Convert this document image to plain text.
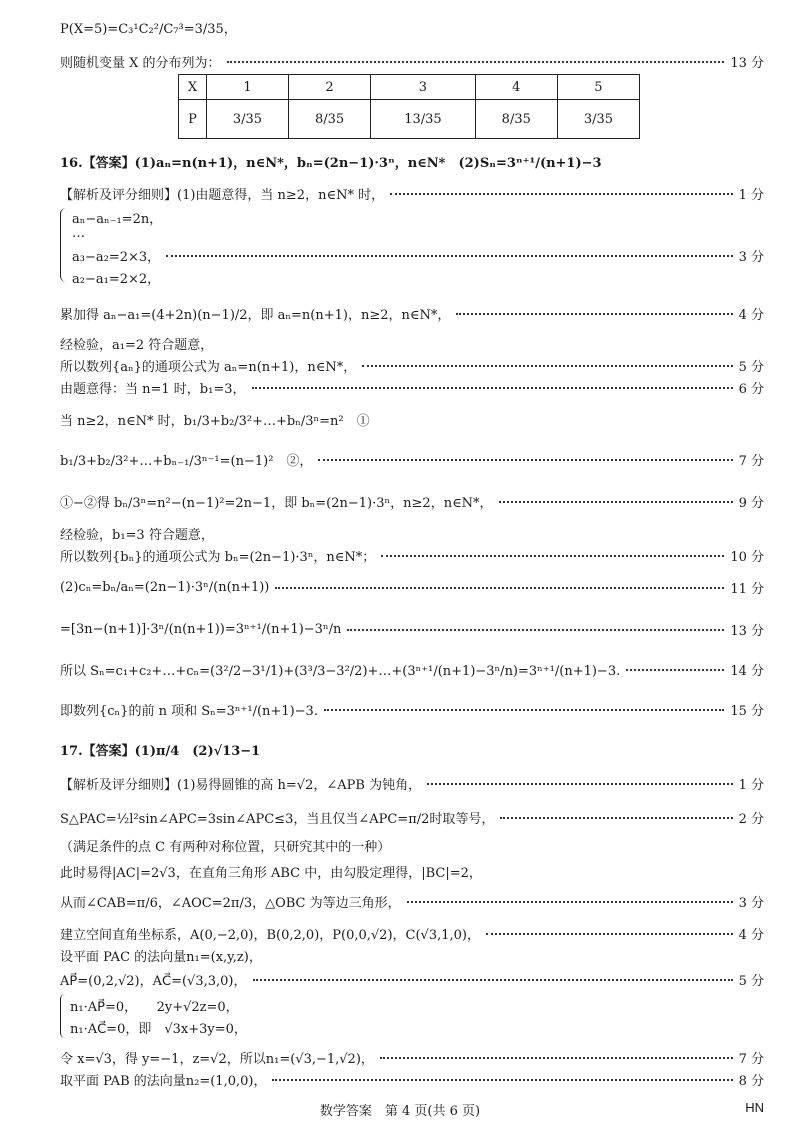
P(X=5)=C₃¹C₂²/C₇³=3/35，
则随机变量 X 的分布列为：	13 分
X	1	2	3	4	5
P	3/35	8/35	13/35	8/35	3/35
16.【答案】(1)aₙ=n(n+1)，n∈N*，bₙ=(2n−1)·3ⁿ，n∈N*　(2)Sₙ=3ⁿ⁺¹/(n+1)−3
【解析及评分细则】(1)由题意得，当 n≥2，n∈N* 时，	1 分
aₙ−aₙ₋₁=2n，
…
a₃−a₂=2×3，	3 分
a₂−a₁=2×2，
累加得 aₙ−a₁=(4+2n)(n−1)/2，即 aₙ=n(n+1)，n≥2，n∈N*，	4 分
经检验，a₁=2 符合题意，
所以数列{aₙ}的通项公式为 aₙ=n(n+1)，n∈N*，	5 分
由题意得：当 n=1 时，b₁=3，	6 分
当 n≥2，n∈N* 时，b₁/3+b₂/3²+…+bₙ/3ⁿ=n²　①
b₁/3+b₂/3²+…+bₙ₋₁/3ⁿ⁻¹=(n−1)²　②，	7 分
①−②得 bₙ/3ⁿ=n²−(n−1)²=2n−1，即 bₙ=(2n−1)·3ⁿ，n≥2，n∈N*，	9 分
经检验，b₁=3 符合题意，
所以数列{bₙ}的通项公式为 bₙ=(2n−1)·3ⁿ，n∈N*；	10 分
(2)cₙ=bₙ/aₙ=(2n−1)·3ⁿ/(n(n+1))	11 分
=[3n−(n+1)]·3ⁿ/(n(n+1))=3ⁿ⁺¹/(n+1)−3ⁿ/n	13 分
所以 Sₙ=c₁+c₂+…+cₙ=(3²/2−3¹/1)+(3³/3−3²/2)+…+(3ⁿ⁺¹/(n+1)−3ⁿ/n)=3ⁿ⁺¹/(n+1)−3.	14 分
即数列{cₙ}的前 n 项和 Sₙ=3ⁿ⁺¹/(n+1)−3.	15 分
17.【答案】(1)π/4　(2)√13−1
【解析及评分细则】(1)易得圆锥的高 h=√2，∠APB 为钝角，	1 分
S△PAC=½l²sin∠APC=3sin∠APC≤3，当且仅当∠APC=π/2时取等号，	2 分
（满足条件的点 C 有两种对称位置，只研究其中的一种）
此时易得|AC|=2√3，在直角三角形 ABC 中，由勾股定理得，|BC|=2，
从而∠CAB=π/6，∠AOC=2π/3，△OBC 为等边三角形，	3 分
建立空间直角坐标系，A(0,−2,0)，B(0,2,0)，P(0,0,√2)，C(√3,1,0)，	4 分
设平面 PAC 的法向量n₁=(x,y,z)，
AP⃗=(0,2,√2)，AC⃗=(√3,3,0)，	5 分
n₁·AP⃗=0，　　2y+√2z=0，
n₁·AC⃗=0，即　√3x+3y=0，
令 x=√3，得 y=−1，z=√2，所以n₁=(√3,−1,√2)，	7 分
取平面 PAB 的法向量n₂=(1,0,0)，	8 分
数学答案　第 4 页(共 6 页)	HN
